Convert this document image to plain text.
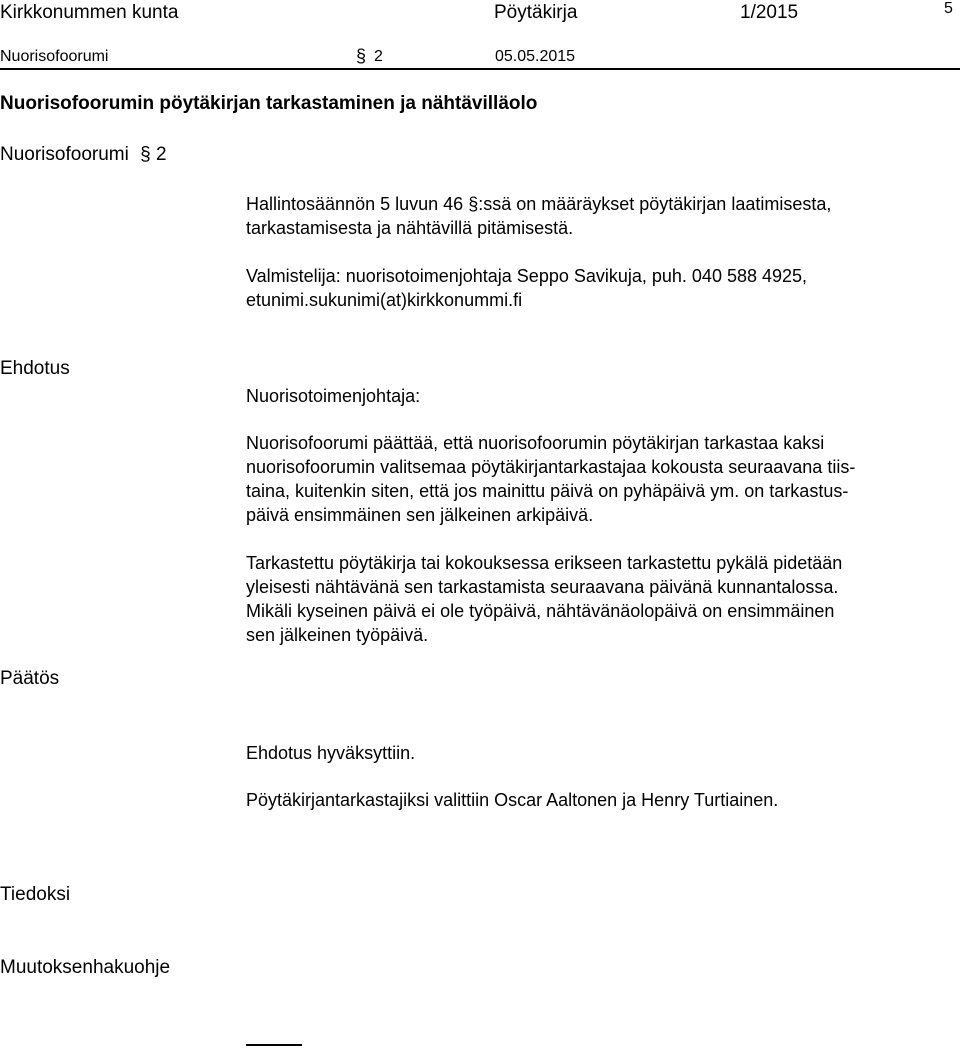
Kirkkonummen kunta	Pöytäkirja	1/2015	5
Nuorisofoorumi	§ 2	05.05.2015
Nuorisofoorumin pöytäkirjan tarkastaminen ja nähtävilläolo
Nuorisofoorumi § 2

Hallintosäännön 5 luvun 46 §:ssä on määräykset pöytäkirjan laatimisesta,
tarkastamisesta ja nähtävillä pitämisestä.

Valmistelija: nuorisotoimenjohtaja Seppo Savikuja, puh. 040 588 4925,
etunimi.sukunimi(at)kirkkonummi.fi

Ehdotus
Nuorisotoimenjohtaja:

Nuorisofoorumi päättää, että nuorisofoorumin pöytäkirjan tarkastaa kaksi
nuorisofoorumin valitsemaa pöytäkirjantarkastajaa kokousta seuraavana tiis-
taina, kuitenkin siten, että jos mainittu päivä on pyhäpäivä ym. on tarkastus-
päivä ensimmäinen sen jälkeinen arkipäivä.

Tarkastettu pöytäkirja tai kokouksessa erikseen tarkastettu pykälä pidetään
yleisesti nähtävänä sen tarkastamista seuraavana päivänä kunnantalossa.
Mikäli kyseinen päivä ei ole työpäivä, nähtävänäolopäivä on ensimmäinen
sen jälkeinen työpäivä.

Päätös
Ehdotus hyväksyttiin.
Pöytäkirjantarkastajiksi valittiin Oscar Aaltonen ja Henry Turtiainen.
Tiedoksi
Muutoksenhakuohje
